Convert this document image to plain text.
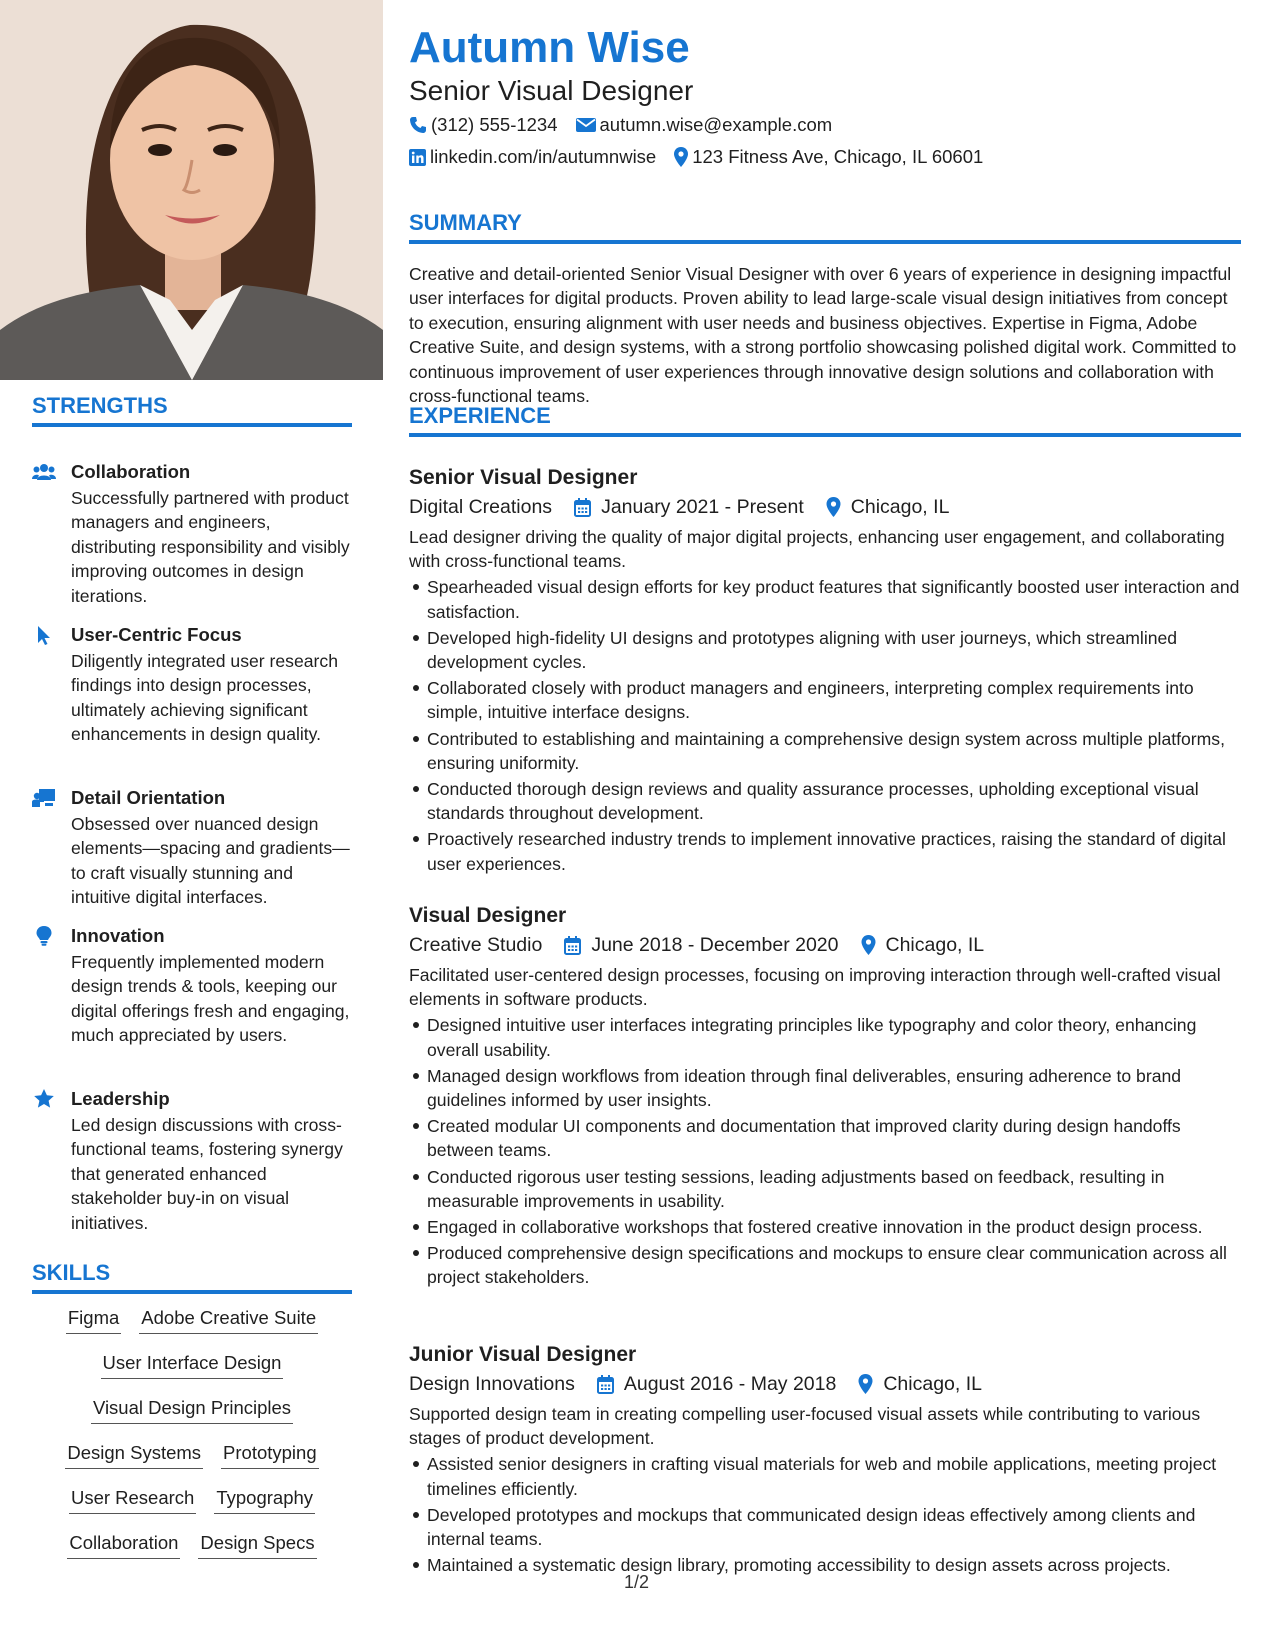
STRENGTHS
Collaboration
Successfully partnered with product managers and engineers, distributing responsibility and visibly improving outcomes in design iterations.
User-Centric Focus
Diligently integrated user research findings into design processes, ultimately achieving significant enhancements in design quality.
Detail Orientation
Obsessed over nuanced design elements—spacing and gradients—to craft visually stunning and intuitive digital interfaces.
Innovation
Frequently implemented modern design trends & tools, keeping our digital offerings fresh and engaging, much appreciated by users.
Leadership
Led design discussions with cross-functional teams, fostering synergy that generated enhanced stakeholder buy-in on visual initiatives.
SKILLS
Figma Adobe Creative Suite
User Interface Design
Visual Design Principles
Design Systems Prototyping
User Research Typography
Collaboration Design Specs
Autumn Wise
Senior Visual Designer
(312) 555-1234 autumn.wise@example.com
linkedin.com/in/autumnwise 123 Fitness Ave, Chicago, IL 60601
SUMMARY

Creative and detail-oriented Senior Visual Designer with over 6 years of experience in designing impactful user interfaces for digital products. Proven ability to lead large-scale visual design initiatives from concept to execution, ensuring alignment with user needs and business objectives. Expertise in Figma, Adobe Creative Suite, and design systems, with a strong portfolio showcasing polished digital work. Committed to continuous improvement of user experiences through innovative design solutions and collaboration with cross-functional teams.

EXPERIENCE
Senior Visual Designer
Digital Creations	January 2021 - Present Chicago, IL
Lead designer driving the quality of major digital projects, enhancing user engagement, and collaborating with cross-functional teams.
Spearheaded visual design efforts for key product features that significantly boosted user interaction and satisfaction.
Developed high-fidelity UI designs and prototypes aligning with user journeys, which streamlined development cycles.
Collaborated closely with product managers and engineers, interpreting complex requirements into simple, intuitive interface designs.
Contributed to establishing and maintaining a comprehensive design system across multiple platforms, ensuring uniformity.
Conducted thorough design reviews and quality assurance processes, upholding exceptional visual standards throughout development.
Proactively researched industry trends to implement innovative practices, raising the standard of digital user experiences.
Visual Designer
Creative Studio	June 2018 - December 2020 Chicago, IL
Facilitated user-centered design processes, focusing on improving interaction through well-crafted visual elements in software products.
Designed intuitive user interfaces integrating principles like typography and color theory, enhancing overall usability.
Managed design workflows from ideation through final deliverables, ensuring adherence to brand guidelines informed by user insights.
Created modular UI components and documentation that improved clarity during design handoffs between teams.
Conducted rigorous user testing sessions, leading adjustments based on feedback, resulting in measurable improvements in usability.
Engaged in collaborative workshops that fostered creative innovation in the product design process.
Produced comprehensive design specifications and mockups to ensure clear communication across all project stakeholders.
Junior Visual Designer
Design Innovations	August 2016 - May 2018 Chicago, IL
Supported design team in creating compelling user-focused visual assets while contributing to various stages of product development.
Assisted senior designers in crafting visual materials for web and mobile applications, meeting project timelines efficiently.
Developed prototypes and mockups that communicated design ideas effectively among clients and internal teams.
Maintained a systematic design library, promoting accessibility to design assets across projects.
1/2
